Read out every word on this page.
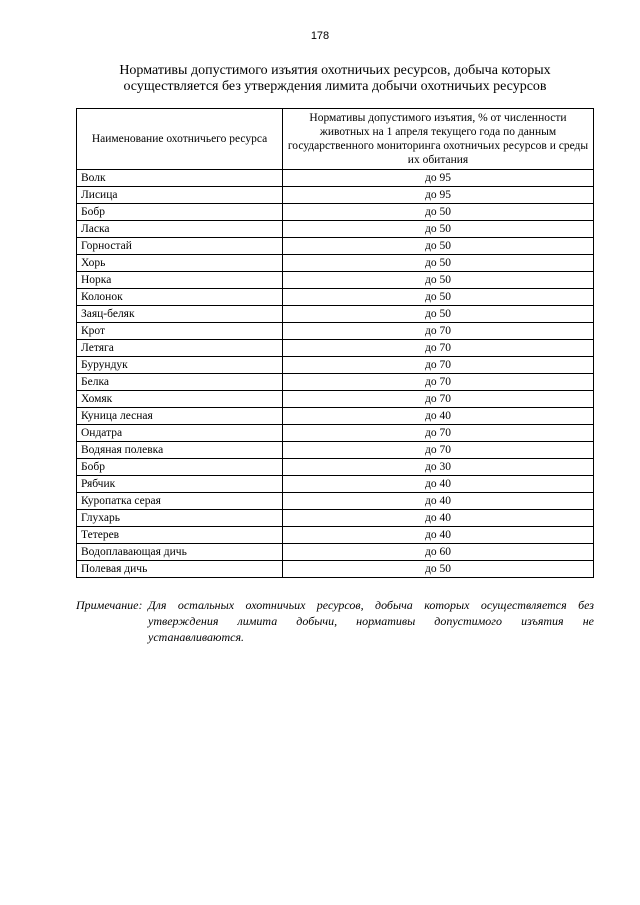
178
Нормативы допустимого изъятия охотничьих ресурсов, добыча которых
осуществляется без утверждения лимита добычи охотничьих ресурсов
Наименование охотничьего ресурса	Нормативы допустимого изъятия, % от численности животных на 1 апреля текущего года по данным государственного мониторинга охотничьих ресурсов и среды их обитания
Волк	до 95
Лисица	до 95
Бобр	до 50
Ласка	до 50
Горностай	до 50
Хорь	до 50
Норка	до 50
Колонок	до 50
Заяц-беляк	до 50
Крот	до 70
Летяга	до 70
Бурундук	до 70
Белка	до 70
Хомяк	до 70
Куница лесная	до 40
Ондатра	до 70
Водяная полевка	до 70
Бобр	до 30
Рябчик	до 40
Куропатка серая	до 40
Глухарь	до 40
Тетерев	до 40
Водоплавающая дичь	до 60
Полевая дичь	до 50
Примечание: Для остальных охотничьих ресурсов, добыча которых осуществляется без утверждения лимита добычи, нормативы допустимого изъятия не устанавливаются.
